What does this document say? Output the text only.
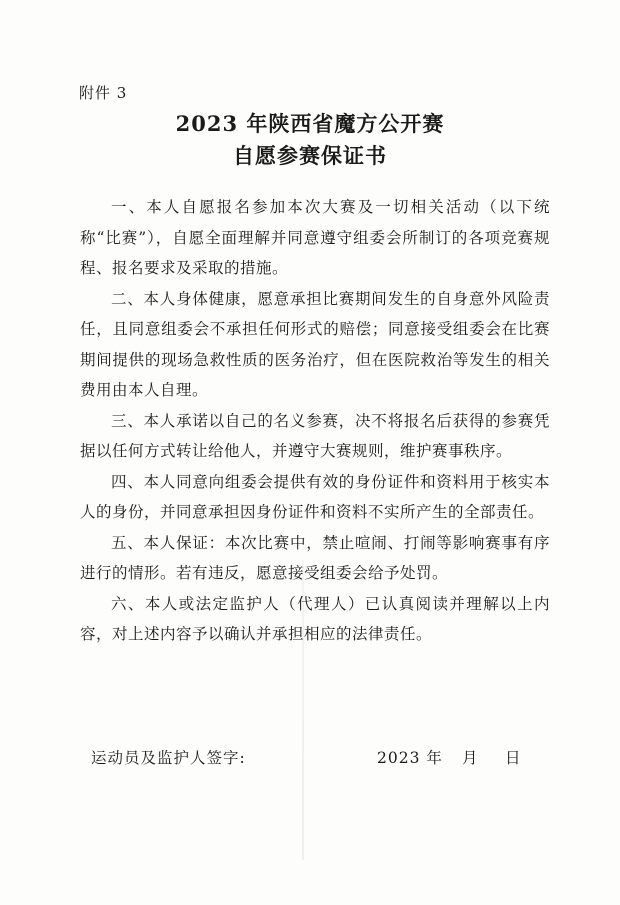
附件 3
2023 年陕西省魔方公开赛
自愿参赛保证书

一、本人自愿报名参加本次大赛及一切相关活动（以下统称“比赛”），自愿全面理解并同意遵守组委会所制订的各项竞赛规程、报名要求及采取的措施。

二、本人身体健康，愿意承担比赛期间发生的自身意外风险责任，且同意组委会不承担任何形式的赔偿；同意接受组委会在比赛期间提供的现场急救性质的医务治疗，但在医院救治等发生的相关费用由本人自理。

三、本人承诺以自己的名义参赛，决不将报名后获得的参赛凭据以任何方式转让给他人，并遵守大赛规则，维护赛事秩序。

四、本人同意向组委会提供有效的身份证件和资料用于核实本人的身份，并同意承担因身份证件和资料不实所产生的全部责任。

五、本人保证：本次比赛中，禁止喧闹、打闹等影响赛事有序进行的情形。若有违反，愿意接受组委会给予处罚。

六、本人或法定监护人（代理人）已认真阅读并理解以上内容，对上述内容予以确认并承担相应的法律责任。

运动员及监护人签字:	2023 年 月 日
